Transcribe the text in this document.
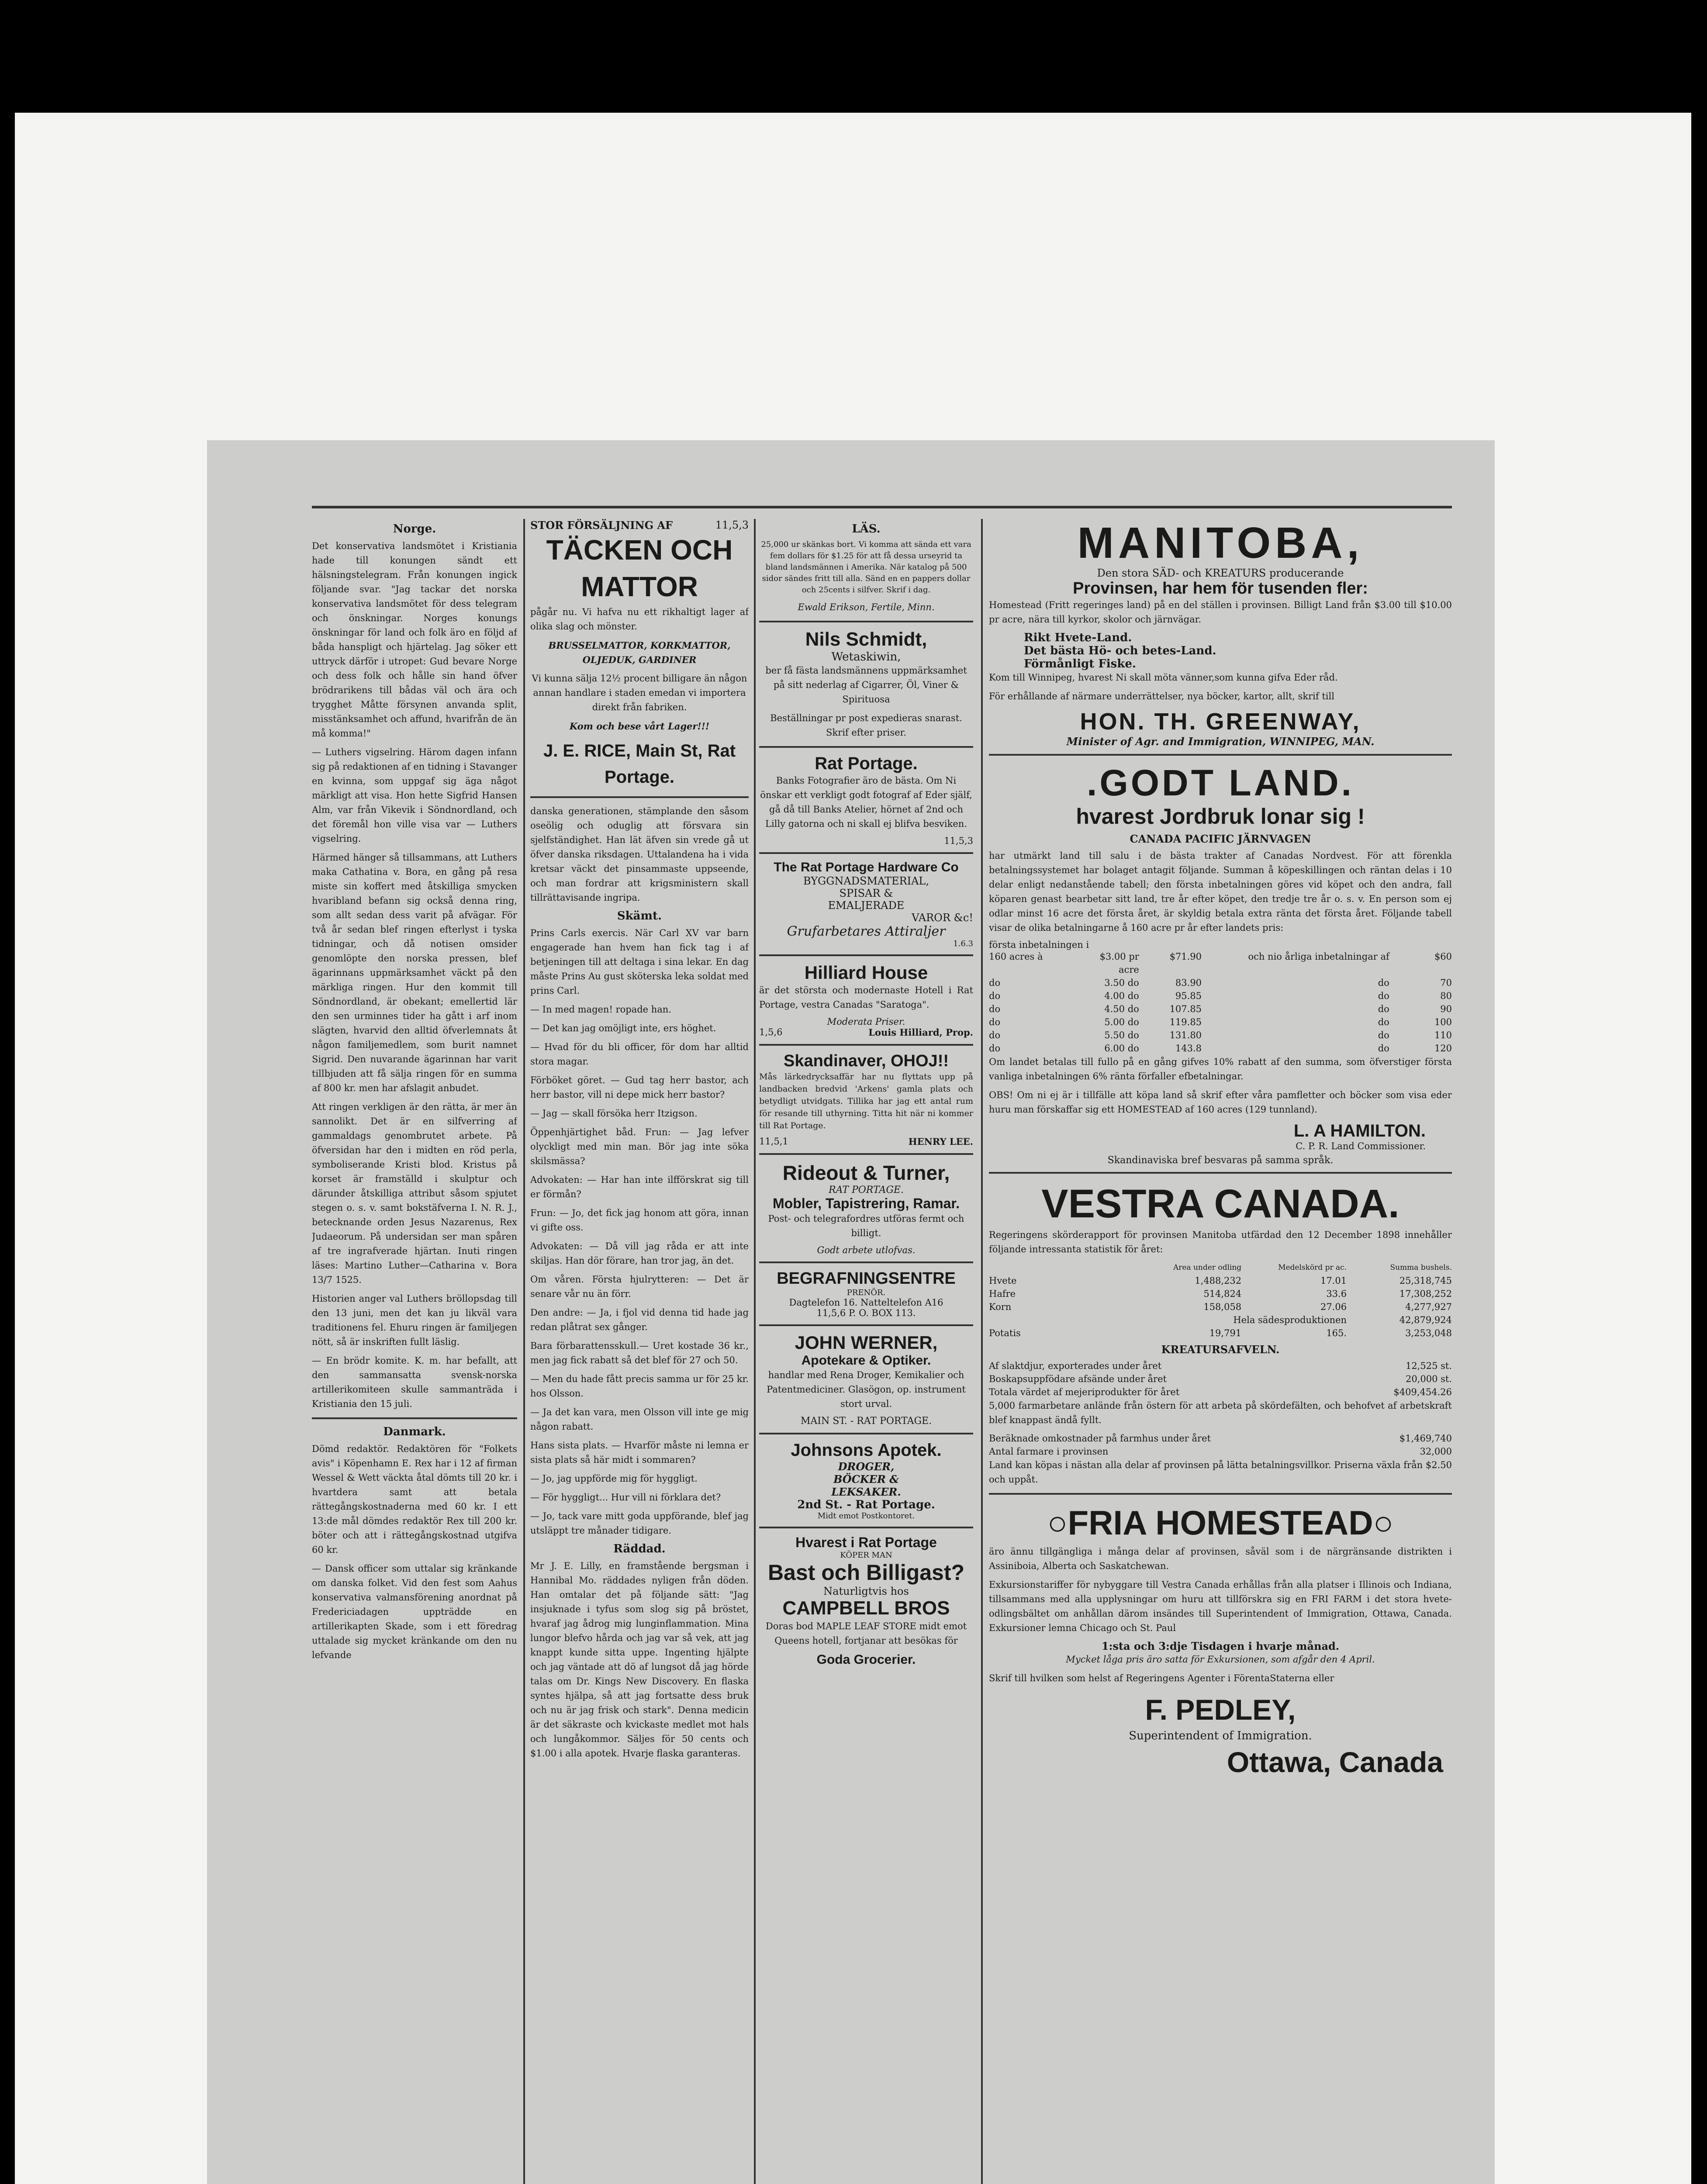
Norge.

Det konservativa landsmötet i Kristiania hade till konungen sändt ett hälsningstelegram. Från konungen ingick följande svar. "Jag tackar det norska konservativa landsmötet för dess telegram och önskningar. Norges konungs önskningar för land och folk äro en följd af båda hanspligt och hjärtelag. Jag söker ett uttryck därför i utropet: Gud bevare Norge och dess folk och hålle sin hand öfver brödrarikens till bådas väl och ära och trygghet Måtte försynen anvanda split, misstänksamhet och affund, hvarifrån de än må komma!"

— Luthers vigselring. Härom dagen infann sig på redaktionen af en tidning i Stavanger en kvinna, som uppgaf sig äga något märkligt att visa. Hon hette Sigfrid Hansen Alm, var från Vikevik i Söndnordland, och det föremål hon ville visa var — Luthers vigselring.

Härmed hänger så tillsammans, att Luthers maka Cathatina v. Bora, en gång på resa miste sin koffert med åtskilliga smycken hvaribland befann sig också denna ring, som allt sedan dess varit på afvägar. För två år sedan blef ringen efterlyst i tyska tidningar, och då notisen omsider genomlöpte den norska pressen, blef ägarinnans uppmärksamhet väckt på den märkliga ringen. Hur den kommit till Söndnordland, är obekant; emellertid lär den sen urminnes tider ha gått i arf inom slägten, hvarvid den alltid öfverlemnats åt någon familjemedlem, som burit namnet Sigrid. Den nuvarande ägarinnan har varit tillbjuden att få sälja ringen för en summa af 800 kr. men har afslagit anbudet.

Att ringen verkligen är den rätta, är mer än sannolikt. Det är en silfverring af gammaldags genombrutet arbete. På öfversidan har den i midten en röd perla, symboliserande Kristi blod. Kristus på korset är framställd i skulptur och därunder åtskilliga attribut såsom spjutet stegen o. s. v. samt bokstäfverna I. N. R. J., betecknande orden Jesus Nazarenus, Rex Judaeorum. På undersidan ser man spåren af tre ingrafverade hjärtan. Inuti ringen läses: Martino Luther—Catharina v. Bora 13/7 1525.

Historien anger val Luthers bröllopsdag till den 13 juni, men det kan ju likväl vara traditionens fel. Ehuru ringen är familjegen nött, så är inskriften fullt läslig.

— En brödr komite. K. m. har befallt, att den sammansatta svensk-norska artillerikomiteen skulle sammanträda i Kristiania den 15 juli.

Danmark.

Dömd redaktör. Redaktören för "Folkets avis" i Köpenhamn E. Rex har i 12 af firman Wessel & Wett väckta åtal dömts till 20 kr. i hvartdera samt att betala rättegångskostnaderna med 60 kr. I ett 13:de mål dömdes redaktör Rex till 200 kr. böter och att i rättegångskostnad utgifva 60 kr.

— Dansk officer som uttalar sig kränkande om danska folket. Vid den fest som Aahus konservativa valmansförening anordnat på Fredericiadagen uppträdde en artillerikapten Skade, som i ett föredrag uttalade sig mycket kränkande om den nu lefvande

STOR FÖRSÄLJNING AF	11,5,3
TÄCKEN OCH MATTOR

pågår nu. Vi hafva nu ett rikhaltigt lager af olika slag och mönster.

BRUSSELMATTOR, KORKMATTOR, OLJEDUK, GARDINER

Vi kunna sälja 12½ procent billigare än någon annan handlare i staden emedan vi importera direkt från fabriken.

Kom och bese vårt Lager!!!

J. E. RICE, Main St, Rat Portage.

danska generationen, stämplande den såsom oseölig och oduglig att försvara sin sjelfständighet. Han lät äfven sin vrede gå ut öfver danska riksdagen. Uttalandena ha i vida kretsar väckt det pinsammaste uppseende, och man fordrar att krigsministern skall tillrättavisande ingripa.

Skämt.

Prins Carls exercis. När Carl XV var barn engagerade han hvem han fick tag i af betjeningen till att deltaga i sina lekar. En dag måste Prins Au gust sköterska leka soldat med prins Carl.

— In med magen! ropade han.

— Det kan jag omöjligt inte, ers höghet.

— Hvad för du bli officer, för dom har alltid stora magar.

Förböket göret. — Gud tag herr bastor, ach herr bastor, vill ni depe mick herr bastor?

— Jag — skall försöka herr Itzigson.

Öppenhjärtighet båd. Frun: — Jag lefver olyckligt med min man. Bör jag inte söka skilsmässa?

Advokaten: — Har han inte ilfförskrat sig till er förmån?

Frun: — Jo, det fick jag honom att göra, innan vi gifte oss.

Advokaten: — Då vill jag råda er att inte skiljas. Han dör förare, han tror jag, än det.

Om våren. Första hjulrytteren: — Det är senare vår nu än förr.

Den andre: — Ja, i fjol vid denna tid hade jag redan plåtrat sex gånger.

Bara förbarattensskull.— Uret kostade 36 kr., men jag fick rabatt så det blef för 27 och 50.

— Men du hade fått precis samma ur för 25 kr. hos Olsson.

— Ja det kan vara, men Olsson vill inte ge mig någon rabatt.

Hans sista plats. — Hvarför måste ni lemna er sista plats så här midt i sommaren?

— Jo, jag uppförde mig för hyggligt.

— För hyggligt... Hur vill ni förklara det?

— Jo, tack vare mitt goda uppförande, blef jag utsläppt tre månader tidigare.

Räddad.

Mr J. E. Lilly, en framstående bergsman i Hannibal Mo. räddades nyligen från döden. Han omtalar det på följande sätt: "Jag insjuknade i tyfus som slog sig på bröstet, hvaraf jag ådrog mig lunginflammation. Mina lungor blefvo hårda och jag var så vek, att jag knappt kunde sitta uppe. Ingenting hjälpte och jag väntade att dö af lungsot då jag hörde talas om Dr. Kings New Discovery. En flaska syntes hjälpa, så att jag fortsatte dess bruk och nu är jag frisk och stark". Denna medicin är det säkraste och kvickaste medlet mot hals och lungåkommor. Säljes för 50 cents och $1.00 i alla apotek. Hvarje flaska garanteras.

LÄS.

25,000 ur skänkas bort. Vi komma att sända ett vara fem dollars för $1.25 för att få dessa urseyrid ta bland landsmännen i Amerika. När katalog på 500 sidor sändes fritt till alla. Sänd en en pappers dollar och 25cents i silfver. Skrif i dag.

Ewald Erikson, Fertile, Minn.

Nils Schmidt,
Wetaskiwin,

ber få fästa landsmännens uppmärksamhet på sitt nederlag af Cigarrer, Öl, Viner & Spirituosa

Beställningar pr post expedieras snarast. Skrif efter priser.

Rat Portage.

Banks Fotografier äro de bästa. Om Ni önskar ett verkligt godt fotograf af Eder själf, gå då till Banks Atelier, hörnet af 2nd och Lilly gatorna och ni skall ej blifva besviken.

11,5,3
The Rat Portage Hardware Co
BYGGNADSMATERIAL,
SPISAR &
EMALJERADE
VAROR &c!
Grufarbetares Attiraljer
1.6.3
Hilliard House

är det största och modernaste Hotell i Rat Portage, vestra Canadas "Saratoga".

Moderata Priser.
1,5,6	Louis Hilliard, Prop.
Skandinaver, OHOJ!!

Mås lärkedrycksaffär har nu flyttats upp på landbacken bredvid 'Arkens' gamla plats och betydligt utvidgats. Tillika har jag ett antal rum för resande till uthyrning. Titta hit när ni kommer till Rat Portage.

11,5,1	HENRY LEE.
Rideout & Turner,
RAT PORTAGE.
Mobler, Tapistrering, Ramar.

Post- och telegrafordres utföras fermt och billigt.

Godt arbete utlofvas.
BEGRAFNINGSENTRE
PRENÖR.
Dagtelefon 16. Natteltelefon A16
11,5,6 P. O. BOX 113.
JOHN WERNER,
Apotekare & Optiker.

handlar med Rena Droger, Kemikalier och Patentmediciner. Glasögon, op. instrument stort urval.

MAIN ST. - RAT PORTAGE.
Johnsons Apotek.
DROGER,
BÖCKER &
LEKSAKER.
2nd St. - Rat Portage.
Midt emot Postkontoret.
Hvarest i Rat Portage
KÖPER MAN
Bast och Billigast?
Naturligtvis hos
CAMPBELL BROS

Doras bod MAPLE LEAF STORE midt emot Queens hotell, fortjanar att besökas för

Goda Grocerier.
MANITOBA,
Den stora SÄD- och KREATURS producerande
Provinsen, har hem för tusenden fler:

Homestead (Fritt regeringes land) på en del ställen i provinsen. Billigt Land från $3.00 till $10.00 pr acre, nära till kyrkor, skolor och järnvägar.

Rikt Hvete-Land.
Det bästa Hö- och betes-Land.
Förmånligt Fiske.

Kom till Winnipeg, hvarest Ni skall möta vänner,som kunna gifva Eder råd.

För erhållande af närmare underrättelser, nya böcker, kartor, allt, skrif till

HON. TH. GREENWAY,
Minister of Agr. and Immigration, WINNIPEG, MAN.
.GODT LAND.
hvarest Jordbruk lonar sig !
CANADA PACIFIC JÄRNVAGEN

har utmärkt land till salu i de bästa trakter af Canadas Nordvest. För att förenkla betalningssystemet har bolaget antagit följande. Summan å köpeskillingen och räntan delas i 10 delar enligt nedanstående tabell; den första inbetalningen göres vid köpet och den andra, fall köparen genast bearbetar sitt land, tre år efter köpet, den tredje tre år o. s. v. En person som ej odlar minst 16 acre det första året, är skyldig betala extra ränta det första året. Följande tabell visar de olika betalningarne å 160 acre pr år efter landets pris:

första inbetalningen i
160 acres à	$3.00 pr acre
$71.90	och nio årliga inbetalningar af	$60
do	3.50 do	83.90	do	70
do	4.00 do	95.85	do	80
do	4.50 do	107.85	do	90
do	5.00 do	119.85	do	100
do	5.50 do	131.80	do	110
do	6.00 do	143.8	do	120

Om landet betalas till fullo på en gång gifves 10% rabatt af den summa, som öfverstiger första vanliga inbetalningen 6% ränta förfaller efbetalningar.

OBS! Om ni ej är i tillfälle att köpa land så skrif efter våra pamfletter och böcker som visa eder huru man förskaffar sig ett HOMESTEAD af 160 acres (129 tunnland).

L. A HAMILTON.
C. P. R. Land Commissioner.
Skandinaviska bref besvaras på samma språk.
VESTRA CANADA.

Regeringens skörderapport för provinsen Manitoba utfärdad den 12 December 1898 innehåller följande intressanta statistik för året:

Area under odling	Medelskörd pr ac.	Summa bushels.
Hvete	1,488,232	17.01	25,318,745
Hafre	514,824	33.6	17,308,252
Korn	158,058	27.06	4,277,927
Hela sädesproduktionen	42,879,924
Potatis	19,791	165.	3,253,048
KREATURSAFVELN.
Af slaktdjur, exporterades under året	12,525 st.
Boskapsuppfödare afsände under året	20,000 st.
Totala värdet af mejeriprodukter för året	$409,454.26

5,000 farmarbetare anlände från östern för att arbeta på skördefälten, och behofvet af arbetskraft blef knappast ändå fyllt.

Beräknade omkostnader på farmhus under året	$1,469,740
Antal farmare i provinsen	32,000

Land kan köpas i nästan alla delar af provinsen på lätta betalningsvillkor. Priserna växla från $2.50 och uppåt.

○FRIA HOMESTEAD○

äro ännu tillgängliga i många delar af provinsen, såväl som i de närgränsande distrikten i Assiniboia, Alberta och Saskatchewan.

Exkursionstariffer för nybyggare till Vestra Canada erhållas från alla platser i Illinois och Indiana, tillsammans med alla upplysningar om huru att tillförskra sig en FRI FARM i det stora hvete-odlingsbältet om anhållan därom insändes till Superintendent of Immigration, Ottawa, Canada. Exkursioner lemna Chicago och St. Paul

1:sta och 3:dje Tisdagen i hvarje månad.

Mycket låga pris äro satta för Exkursionen, som afgår den 4 April.

Skrif till hvilken som helst af Regeringens Agenter i FörentaStaterna eller

F. PEDLEY,
Superintendent of Immigration.
Ottawa, Canada
